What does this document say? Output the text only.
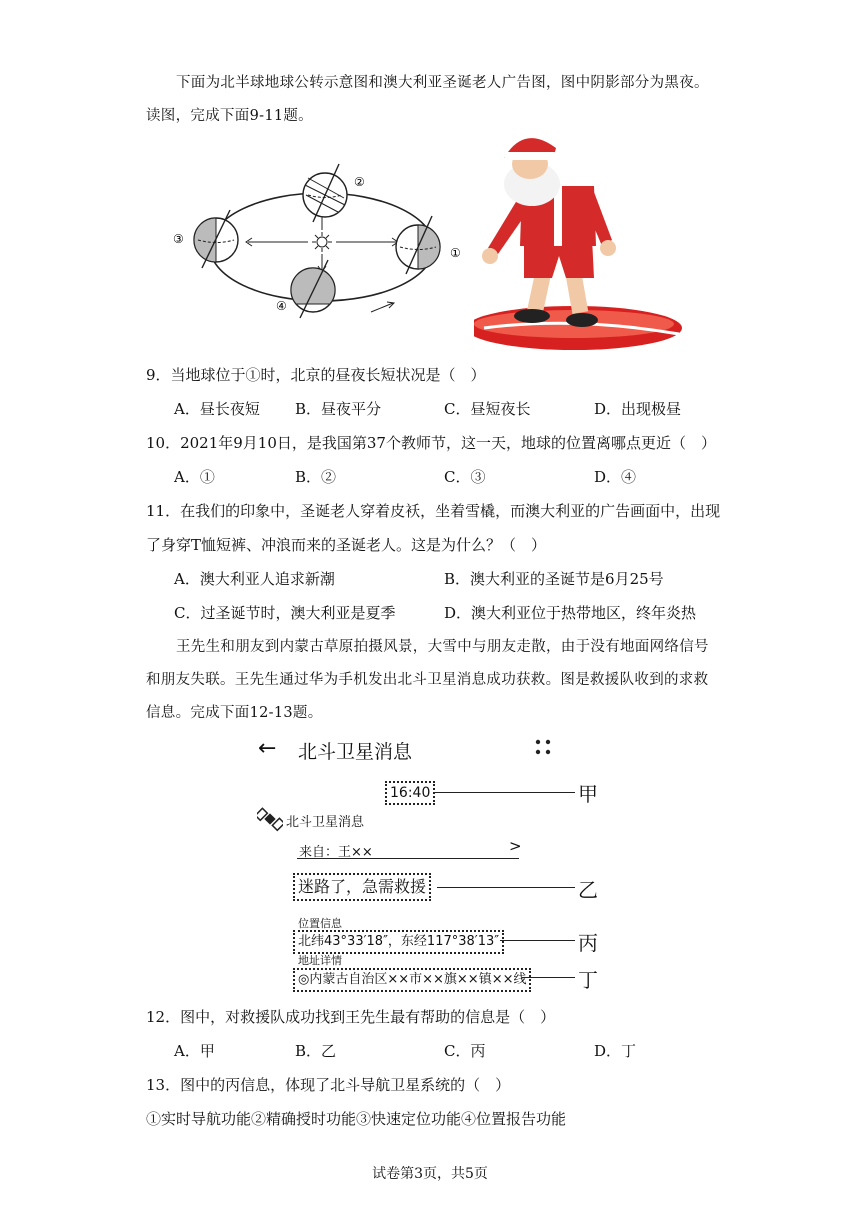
下面为北半球地球公转示意图和澳大利亚圣诞老人广告图，图中阴影部分为黑夜。
读图，完成下面9-11题。
②
①
③
④
9．当地球位于①时，北京的昼夜长短状况是（　）
A．昼长夜短 B．昼夜平分	C．昼短夜长	D．出现极昼
10．2021年9月10日，是我国第37个教师节，这一天，地球的位置离哪点更近（　）
A．①	B．②	C．③	D．④
11．在我们的印象中，圣诞老人穿着皮袄，坐着雪橇，而澳大利亚的广告画面中，出现
了身穿T恤短裤、冲浪而来的圣诞老人。这是为什么？（　）
A．澳大利亚人追求新潮	B．澳大利亚的圣诞节是6月25号
C．过圣诞节时，澳大利亚是夏季	D．澳大利亚位于热带地区，终年炎热
王先生和朋友到内蒙古草原拍摄风景，大雪中与朋友走散，由于没有地面网络信号
和朋友失联。王先生通过华为手机发出北斗卫星消息成功获救。图是救援队收到的求救
信息。完成下面12-13题。
← 北斗卫星消息
16:40	甲
北斗卫星消息
来自：王××	>
迷路了，急需救援	乙
位置信息
北纬43°33′18″，东经117°38′13″	丙
地址详情
◎内蒙古自治区××市××旗××镇××线	丁
12．图中，对救援队成功找到王先生最有帮助的信息是（　）
A．甲	B．乙	C．丙	D．丁
13．图中的丙信息，体现了北斗导航卫星系统的（　）
①实时导航功能②精确授时功能③快速定位功能④位置报告功能
试卷第3页，共5页
